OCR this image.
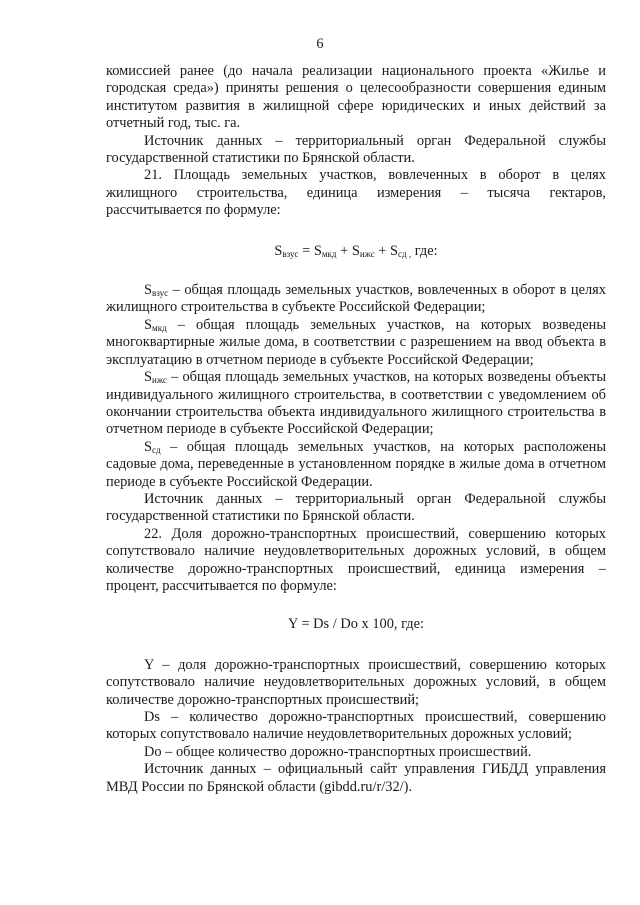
6

комиссией ранее (до начала реализации национального проекта «Жилье и городская среда») приняты решения о целесообразности совершения единым институтом развития в жилищной сфере юридических и иных действий за отчетный год, тыс. га.

Источник данных – территориальный орган Федеральной службы государственной статистики по Брянской области.

21. Площадь земельных участков, вовлеченных в оборот в целях жилищного строительства, единица измерения – тысяча гектаров, рассчитывается по формуле:

$S_{взус} = S_{мкд} + S_{ижс} + S_{сд ,}$ где:

$S_{взус}$ – общая площадь земельных участков, вовлеченных в оборот в целях жилищного строительства в субъекте Российской Федерации;

$S_{мкд}$ – общая площадь земельных участков, на которых возведены многоквартирные жилые дома, в соответствии с разрешением на ввод объекта в эксплуатацию в отчетном периоде в субъекте Российской Федерации;

$S_{ижс}$ – общая площадь земельных участков, на которых возведены объекты индивидуального жилищного строительства, в соответствии с уведомлением об окончании строительства объекта индивидуального жилищного строительства в отчетном периоде в субъекте Российской Федерации;

$S_{сд}$ – общая площадь земельных участков, на которых расположены садовые дома, переведенные в установленном порядке в жилые дома в отчетном периоде в субъекте Российской Федерации.

Источник данных – территориальный орган Федеральной службы государственной статистики по Брянской области.

22. Доля дорожно-транспортных происшествий, совершению которых сопутствовало наличие неудовлетворительных дорожных условий, в общем количестве дорожно-транспортных происшествий, единица измерения – процент, рассчитывается по формуле:

Y = Ds / Do x 100, где:

Y – доля дорожно-транспортных происшествий, совершению которых сопутствовало наличие неудовлетворительных дорожных условий, в общем количестве дорожно-транспортных происшествий;

Ds – количество дорожно-транспортных происшествий, совершению которых сопутствовало наличие неудовлетворительных дорожных условий;

Do – общее количество дорожно-транспортных происшествий.

Источник данных – официальный сайт управления ГИБДД управления МВД России по Брянской области (gibdd.ru/r/32/).
